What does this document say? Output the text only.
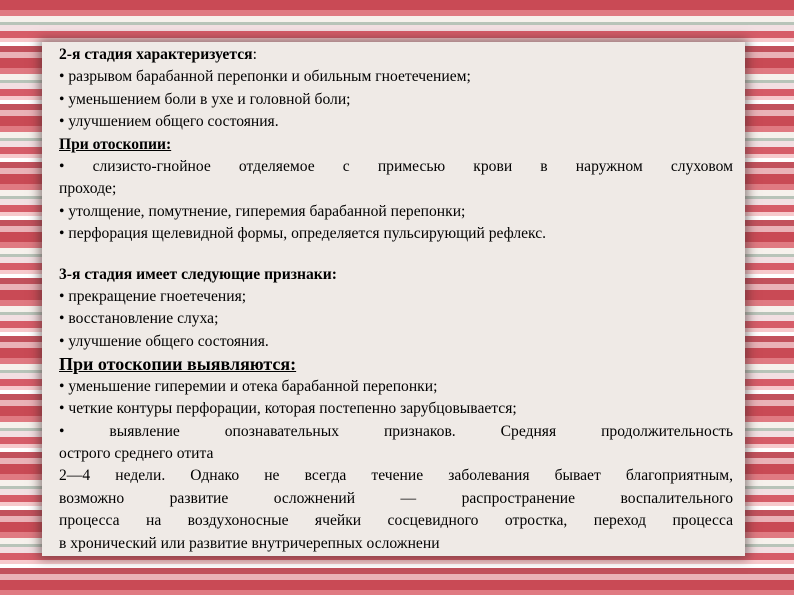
2-я стадия характеризуется:
• разрывом барабанной перепонки и обильным гноетечением;
• уменьшением боли в ухе и головной боли;
• улучшением общего состояния.
При отоскопии:
• слизисто-гнойное отделяемое с примесью крови в наружном слуховом
проходе;
• утолщение, помутнение, гиперемия барабанной перепонки;
• перфорация щелевидной формы, определяется пульсирующий рефлекс.
3-я стадия имеет следующие признаки:
• прекращение гноетечения;
• восстановление слуха;
• улучшение общего состояния.
При отоскопии выявляются:
• уменьшение гиперемии и отека барабанной перепонки;
• четкие контуры перфорации, которая постепенно зарубцовывается;
• выявление опознавательных признаков. Средняя продолжительность
острого среднего отита
2—4 недели. Однако не всегда течение заболевания бывает благоприятным,
возможно развитие осложнений — распространение воспалительного
процесса на воздухоносные ячейки сосцевидного отростка, переход процесса
в хронический или развитие внутричерепных осложнени
